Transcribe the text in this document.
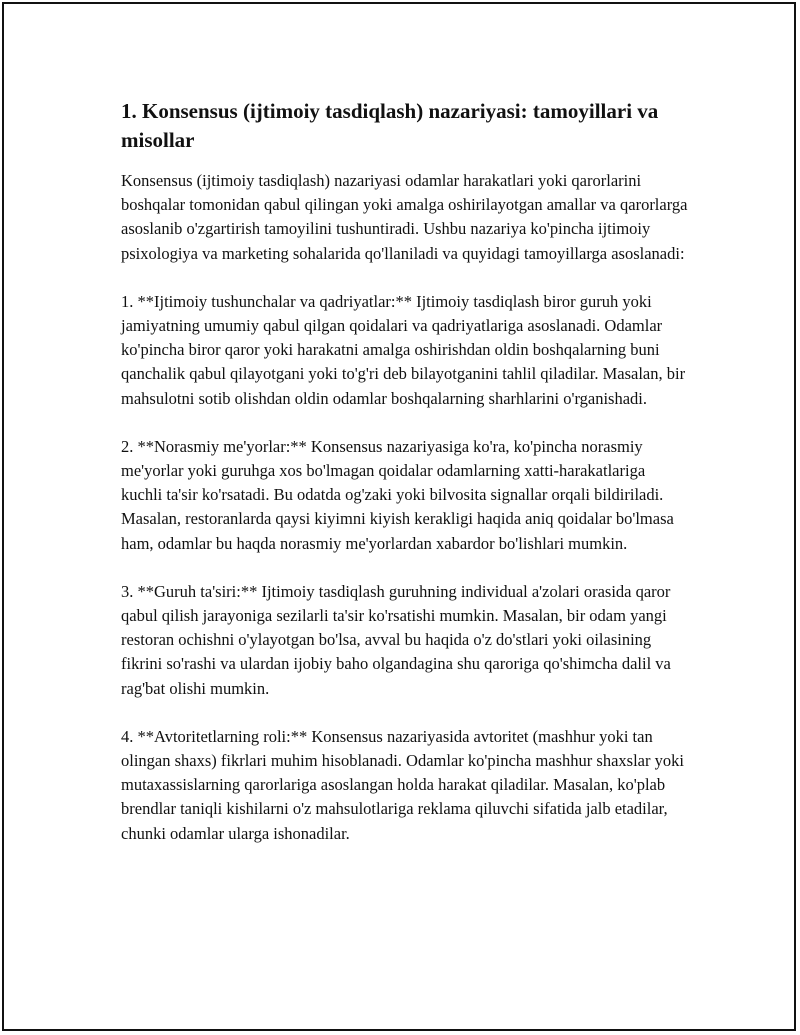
1. Konsensus (ijtimoiy tasdiqlash) nazariyasi: tamoyillari va misollar

Konsensus (ijtimoiy tasdiqlash) nazariyasi odamlar harakatlari yoki qarorlarini boshqalar tomonidan qabul qilingan yoki amalga oshirilayotgan amallar va qarorlarga asoslanib o'zgartirish tamoyilini tushuntiradi. Ushbu nazariya ko'pincha ijtimoiy psixologiya va marketing sohalarida qo'llaniladi va quyidagi tamoyillarga asoslanadi:

1. **Ijtimoiy tushunchalar va qadriyatlar:** Ijtimoiy tasdiqlash biror guruh yoki jamiyatning umumiy qabul qilgan qoidalari va qadriyatlariga asoslanadi. Odamlar ko'pincha biror qaror yoki harakatni amalga oshirishdan oldin boshqalarning buni qanchalik qabul qilayotgani yoki to'g'ri deb bilayotganini tahlil qiladilar. Masalan, bir mahsulotni sotib olishdan oldin odamlar boshqalarning sharhlarini o'rganishadi.

2. **Norasmiy me'yorlar:** Konsensus nazariyasiga ko'ra, ko'pincha norasmiy me'yorlar yoki guruhga xos bo'lmagan qoidalar odamlarning xatti-harakatlariga kuchli ta'sir ko'rsatadi. Bu odatda og'zaki yoki bilvosita signallar orqali bildiriladi. Masalan, restoranlarda qaysi kiyimni kiyish kerakligi haqida aniq qoidalar bo'lmasa ham, odamlar bu haqda norasmiy me'yorlardan xabardor bo'lishlari mumkin.

3. **Guruh ta'siri:** Ijtimoiy tasdiqlash guruhning individual a'zolari orasida qaror qabul qilish jarayoniga sezilarli ta'sir ko'rsatishi mumkin. Masalan, bir odam yangi restoran ochishni o'ylayotgan bo'lsa, avval bu haqida o'z do'stlari yoki oilasining fikrini so'rashi va ulardan ijobiy baho olgandagina shu qaroriga qo'shimcha dalil va rag'bat olishi mumkin.

4. **Avtoritetlarning roli:** Konsensus nazariyasida avtoritet (mashhur yoki tan olingan shaxs) fikrlari muhim hisoblanadi. Odamlar ko'pincha mashhur shaxslar yoki mutaxassislarning qarorlariga asoslangan holda harakat qiladilar. Masalan, ko'plab brendlar taniqli kishilarni o'z mahsulotlariga reklama qiluvchi sifatida jalb etadilar, chunki odamlar ularga ishonadilar.
